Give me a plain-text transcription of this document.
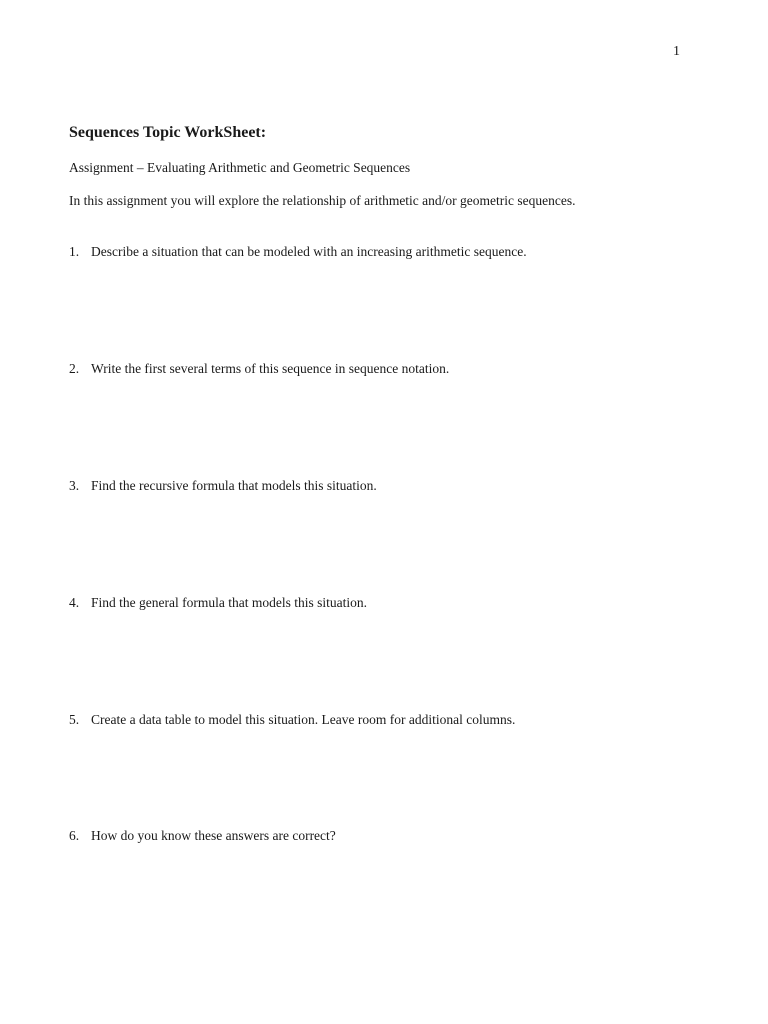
1
Sequences Topic WorkSheet:

Assignment – Evaluating Arithmetic and Geometric Sequences

In this assignment you will explore the relationship of arithmetic and/or geometric sequences.

1. Describe a situation that can be modeled with an increasing arithmetic sequence.
2. Write the first several terms of this sequence in sequence notation.
3. Find the recursive formula that models this situation.
4. Find the general formula that models this situation.
5. Create a data table to model this situation. Leave room for additional columns.
6. How do you know these answers are correct?
